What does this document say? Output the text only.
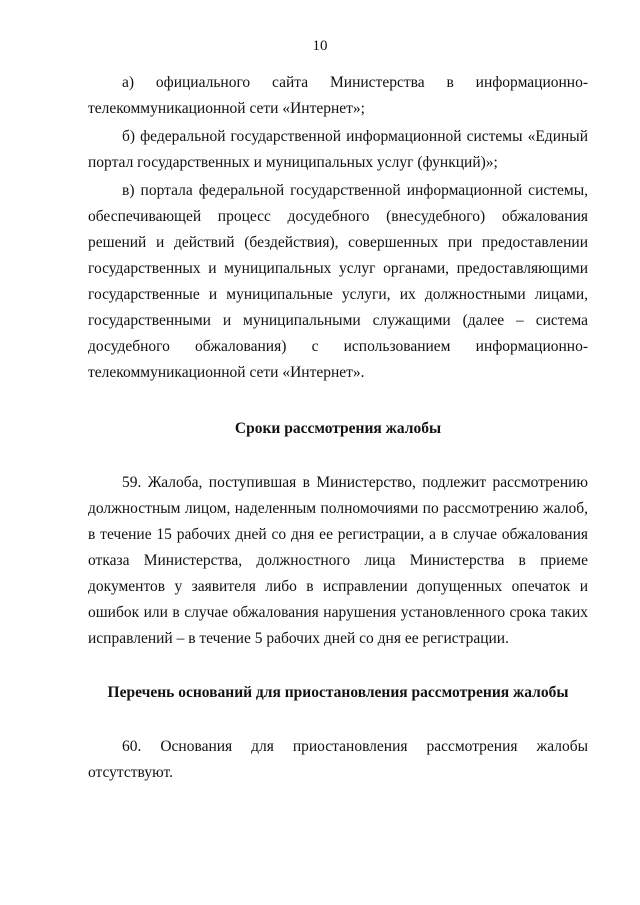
10

а) официального сайта Министерства в информационно-телекоммуникационной сети «Интернет»;

б) федеральной государственной информационной системы «Единый портал государственных и муниципальных услуг (функций)»;

в) портала федеральной государственной информационной системы, обеспечивающей процесс досудебного (внесудебного) обжалования решений и действий (бездействия), совершенных при предоставлении государственных и муниципальных услуг органами, предоставляющими государственные и муниципальные услуги, их должностными лицами, государственными и муниципальными служащими (далее – система досудебного обжалования) с использованием информационно-телекоммуникационной сети «Интернет».

Сроки рассмотрения жалобы

59. Жалоба, поступившая в Министерство, подлежит рассмотрению должностным лицом, наделенным полномочиями по рассмотрению жалоб, в течение 15 рабочих дней со дня ее регистрации, а в случае обжалования отказа Министерства, должностного лица Министерства в приеме документов у заявителя либо в исправлении допущенных опечаток и ошибок или в случае обжалования нарушения установленного срока таких исправлений – в течение 5 рабочих дней со дня ее регистрации.

Перечень оснований для приостановления рассмотрения жалобы

60. Основания для приостановления рассмотрения жалобы отсутствуют.
